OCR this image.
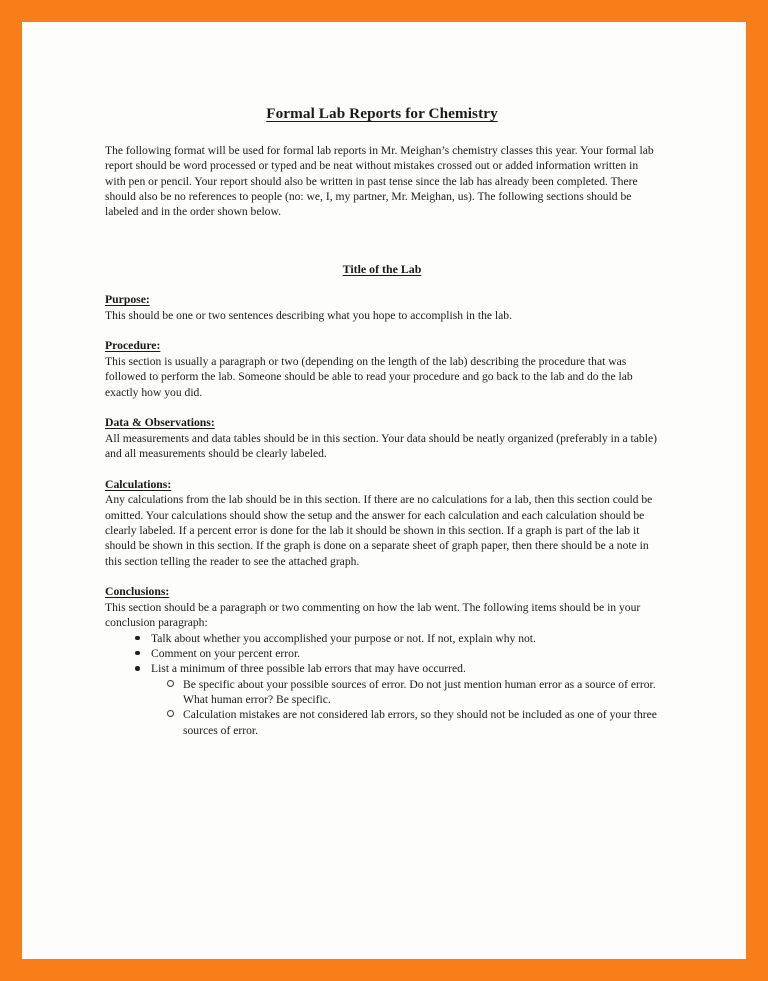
Formal Lab Reports for Chemistry

The following format will be used for formal lab reports in Mr. Meighan’s chemistry classes this year. Your formal lab report should be word processed or typed and be neat without mistakes crossed out or added information written in with pen or pencil. Your report should also be written in past tense since the lab has already been completed. There should also be no references to people (no: we, I, my partner, Mr. Meighan, us). The following sections should be labeled and in the order shown below.

Title of the Lab
Purpose:

This should be one or two sentences describing what you hope to accomplish in the lab.

Procedure:

This section is usually a paragraph or two (depending on the length of the lab) describing the procedure that was followed to perform the lab. Someone should be able to read your procedure and go back to the lab and do the lab exactly how you did.

Data & Observations:

All measurements and data tables should be in this section. Your data should be neatly organized (preferably in a table) and all measurements should be clearly labeled.

Calculations:

Any calculations from the lab should be in this section. If there are no calculations for a lab, then this section could be omitted. Your calculations should show the setup and the answer for each calculation and each calculation should be clearly labeled. If a percent error is done for the lab it should be shown in this section. If a graph is part of the lab it should be shown in this section. If the graph is done on a separate sheet of graph paper, then there should be a note in this section telling the reader to see the attached graph.

Conclusions:

This section should be a paragraph or two commenting on how the lab went. The following items should be in your conclusion paragraph:

Talk about whether you accomplished your purpose or not. If not, explain why not.
Comment on your percent error.
List a minimum of three possible lab errors that may have occurred.
Be specific about your possible sources of error. Do not just mention human error as a source of error. What human error? Be specific.
Calculation mistakes are not considered lab errors, so they should not be included as one of your three sources of error.
